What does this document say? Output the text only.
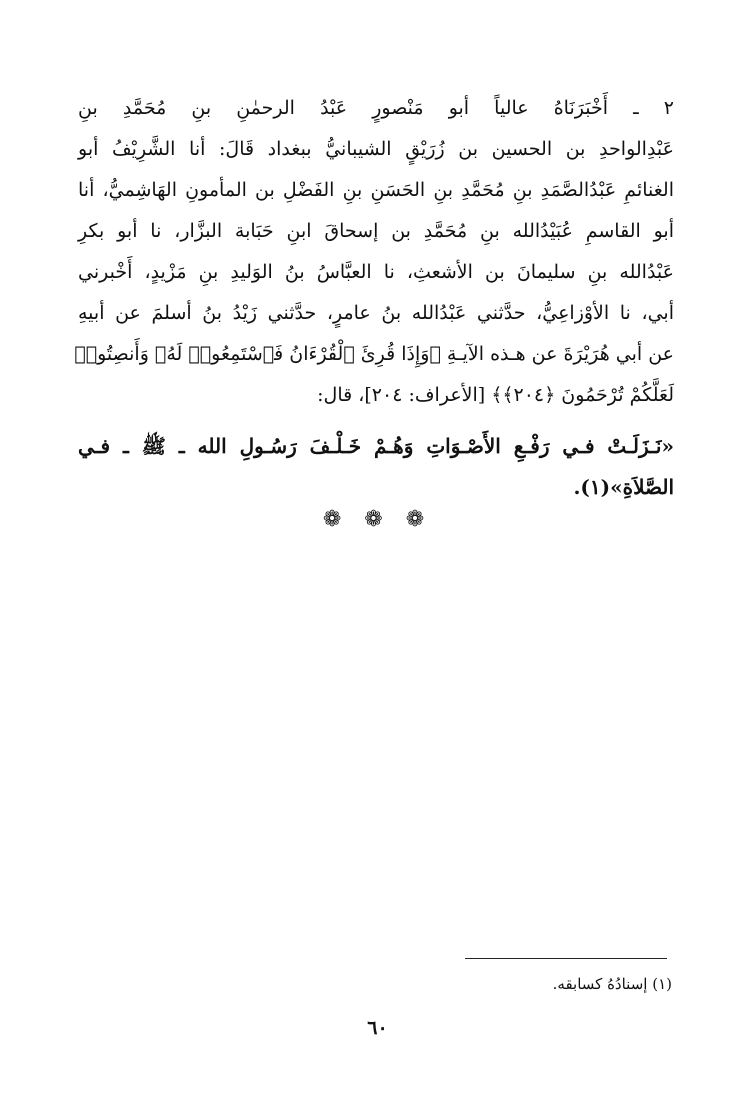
٢ ـ أَخْبَرَنَاهُ عالياً أبو مَنْصورٍ عَبْدُ الرحمٰنِ بنِ مُحَمَّدِ بنِ
عَبْدِالواحدِ بن الحسين بن زُرَيْقٍ الشيبانيُّ ببغداد قَالَ: أنا الشَّرِيْفُ أبو
الغنائمِ عَبْدُالصَّمَدِ بنِ مُحَمَّدِ بنِ الحَسَنِ بنِ الفَضْلِ بن المأمونِ الهَاشِميُّ، أنا
أبو القاسمِ عُبَيْدُالله بنِ مُحَمَّدِ بن إسحاقَ ابنِ حَبَابة البزَّار، نا أبو بكرِ
عَبْدُالله بنِ سليمانَ بن الأشعثِ، نا العبَّاسُ بنُ الوَليدِ بنِ مَزْيدٍ، أَخْبرني
أبي، نا الأوْزاعِيُّ، حدَّثني عَبْدُالله بنُ عامرٍ، حدَّثني زَيْدُ بنُ أسلمَ عن أبيهِ
عن أبي هُرَيْرَةَ عن هـذه الآيـةِ ﴿وَإِذَا قُرِئَ ٱلْقُرْءَانُ فَٱسْتَمِعُوا۟ لَهُۥ وَأَنصِتُوا۟
لَعَلَّكُمْ تُرْحَمُونَ ﴿٢٠٤﴾﴾ [الأعراف: ٢٠٤]، قال:
«نَـزَلَـتْ فـي رَفْـعِ الأَصْـوَاتِ وَهُـمْ خَـلْـفَ رَسُـولِ الله ـ ﷺ ـ فـي
الصَّلاَةِ»(١).
❁ ❁ ❁
(١) إسنادُهُ كسابقه.
٦٠
